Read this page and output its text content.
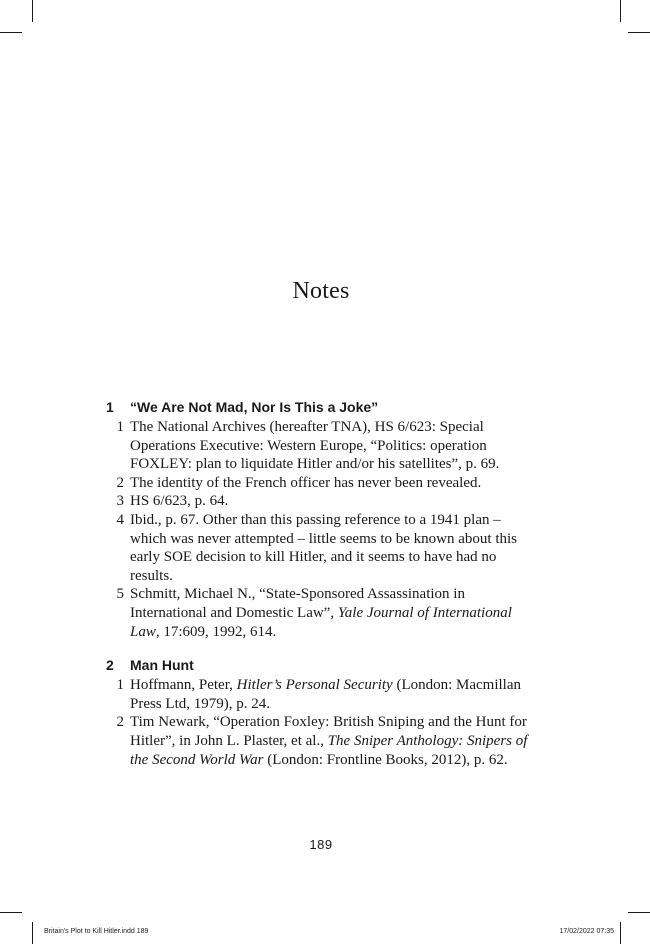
Notes
1	“We Are Not Mad, Nor Is This a Joke”
1 The National Archives (hereafter TNA), HS 6/623: Special Operations Executive: Western Europe, “Politics: operation FOXLEY: plan to liquidate Hitler and/or his satellites”, p. 69.
2 The identity of the French officer has never been revealed.
3 HS 6/623, p. 64.
4 Ibid., p. 67. Other than this passing reference to a 1941 plan – which was never attempted – little seems to be known about this early SOE decision to kill Hitler, and it seems to have had no results.
5 Schmitt, Michael N., “State-Sponsored Assassination in International and Domestic Law”, Yale Journal of International Law, 17:609, 1992, 614.
2	Man Hunt
1 Hoffmann, Peter, Hitler’s Personal Security (London: Macmillan Press Ltd, 1979), p. 24.
2 Tim Newark, “Operation Foxley: British Sniping and the Hunt for Hitler”, in John L. Plaster, et al., The Sniper Anthology: Snipers of the Second World War (London: Frontline Books, 2012), p. 62.
189
Britain's Plot to Kill Hitler.indd 189	17/02/2022 07:35
